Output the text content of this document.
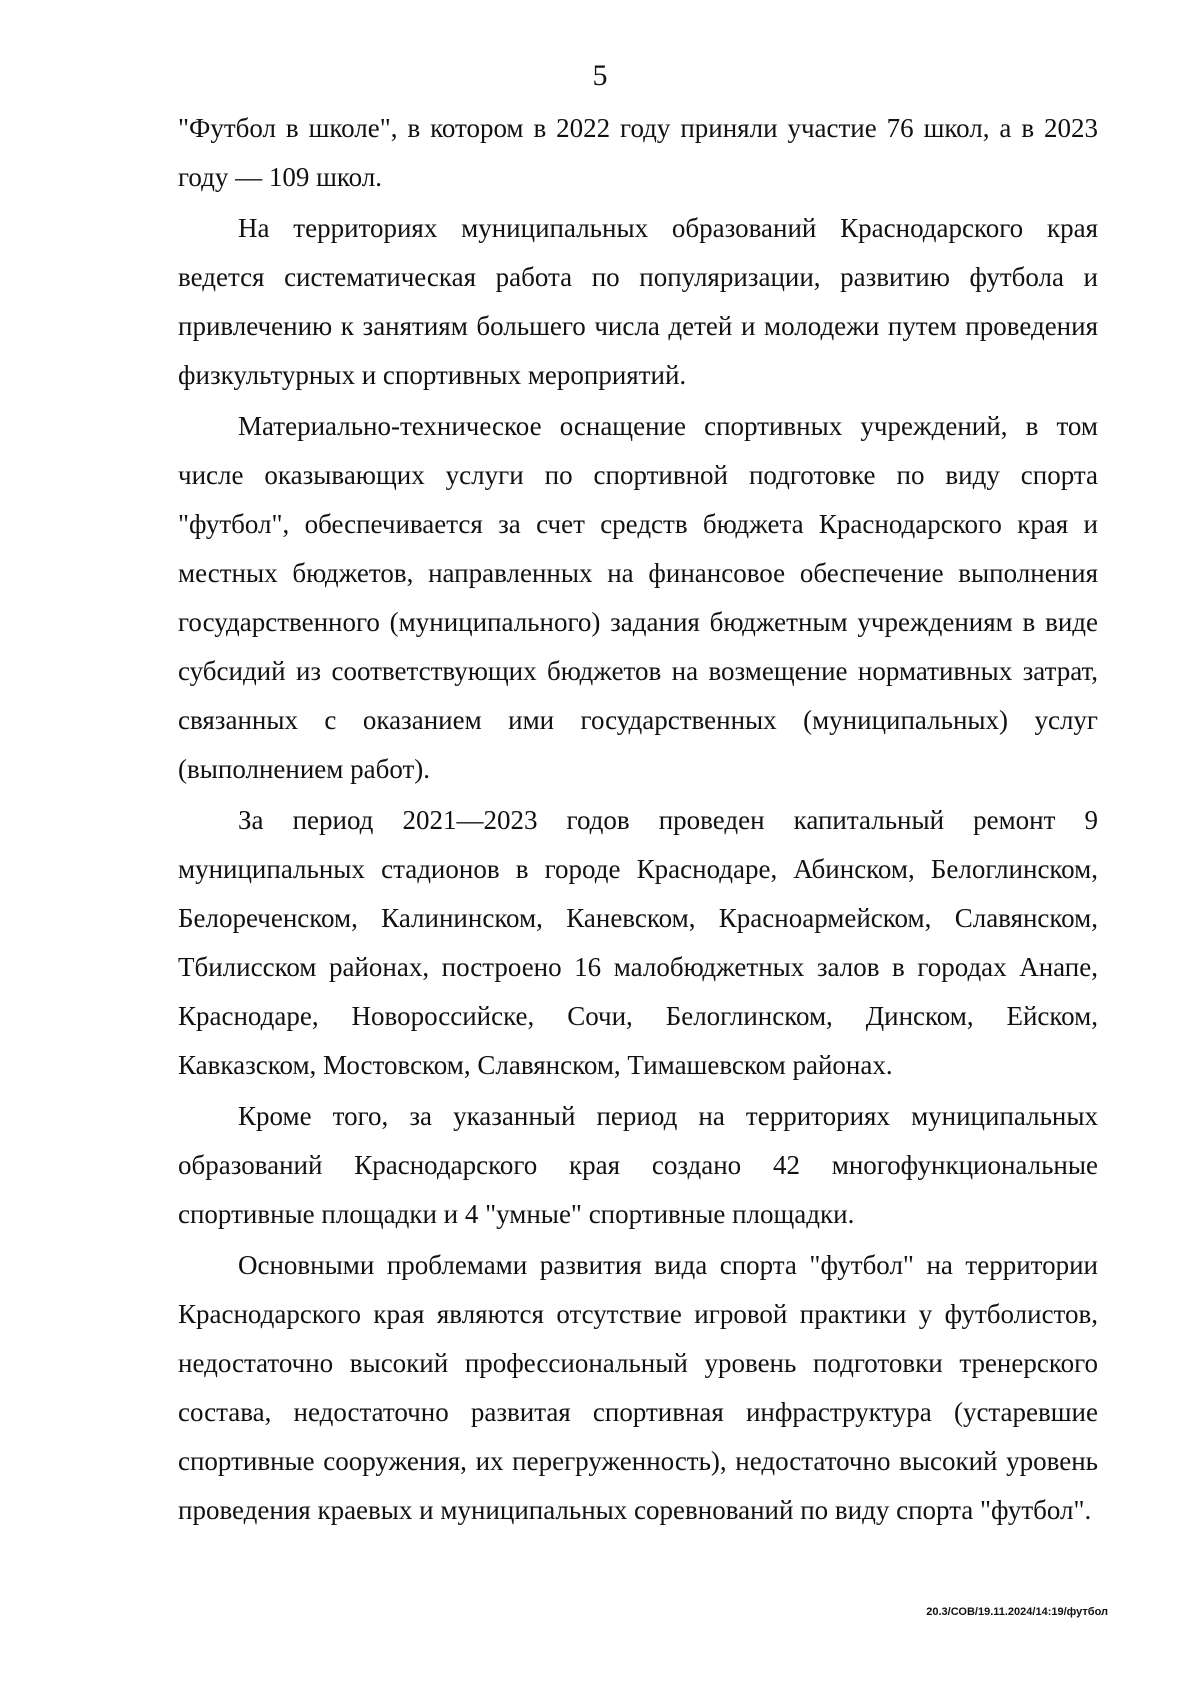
5

"Футбол в школе", в котором в 2022 году приняли участие 76 школ, а в 2023 году — 109 школ.

На территориях муниципальных образований Краснодарского края ведется систематическая работа по популяризации, развитию футбола и привлечению к занятиям большего числа детей и молодежи путем проведения физкультурных и спортивных мероприятий.

Материально-техническое оснащение спортивных учреждений, в том числе оказывающих услуги по спортивной подготовке по виду спорта "футбол", обеспечивается за счет средств бюджета Краснодарского края и местных бюджетов, направленных на финансовое обеспечение выполнения государственного (муниципального) задания бюджетным учреждениям в виде субсидий из соответствующих бюджетов на возмещение нормативных затрат, связанных с оказанием ими государственных (муниципальных) услуг (выполнением работ).

За период 2021—2023 годов проведен капитальный ремонт 9 муниципальных стадионов в городе Краснодаре, Абинском, Белоглинском, Белореченском, Калининском, Каневском, Красноармейском, Славянском, Тбилисском районах, построено 16 малобюджетных залов в городах Анапе, Краснодаре, Новороссийске, Сочи, Белоглинском, Динском, Ейском, Кавказском, Мостовском, Славянском, Тимашевском районах.

Кроме того, за указанный период на территориях муниципальных образований Краснодарского края создано 42 многофункциональные спортивные площадки и 4 "умные" спортивные площадки.

Основными проблемами развития вида спорта "футбол" на территории Краснодарского края являются отсутствие игровой практики у футболистов, недостаточно высокий профессиональный уровень подготовки тренерского состава, недостаточно развитая спортивная инфраструктура (устаревшие спортивные сооружения, их перегруженность), недостаточно высокий уровень проведения краевых и муниципальных соревнований по виду спорта "футбол".

20.3/СОВ/19.11.2024/14:19/футбол
